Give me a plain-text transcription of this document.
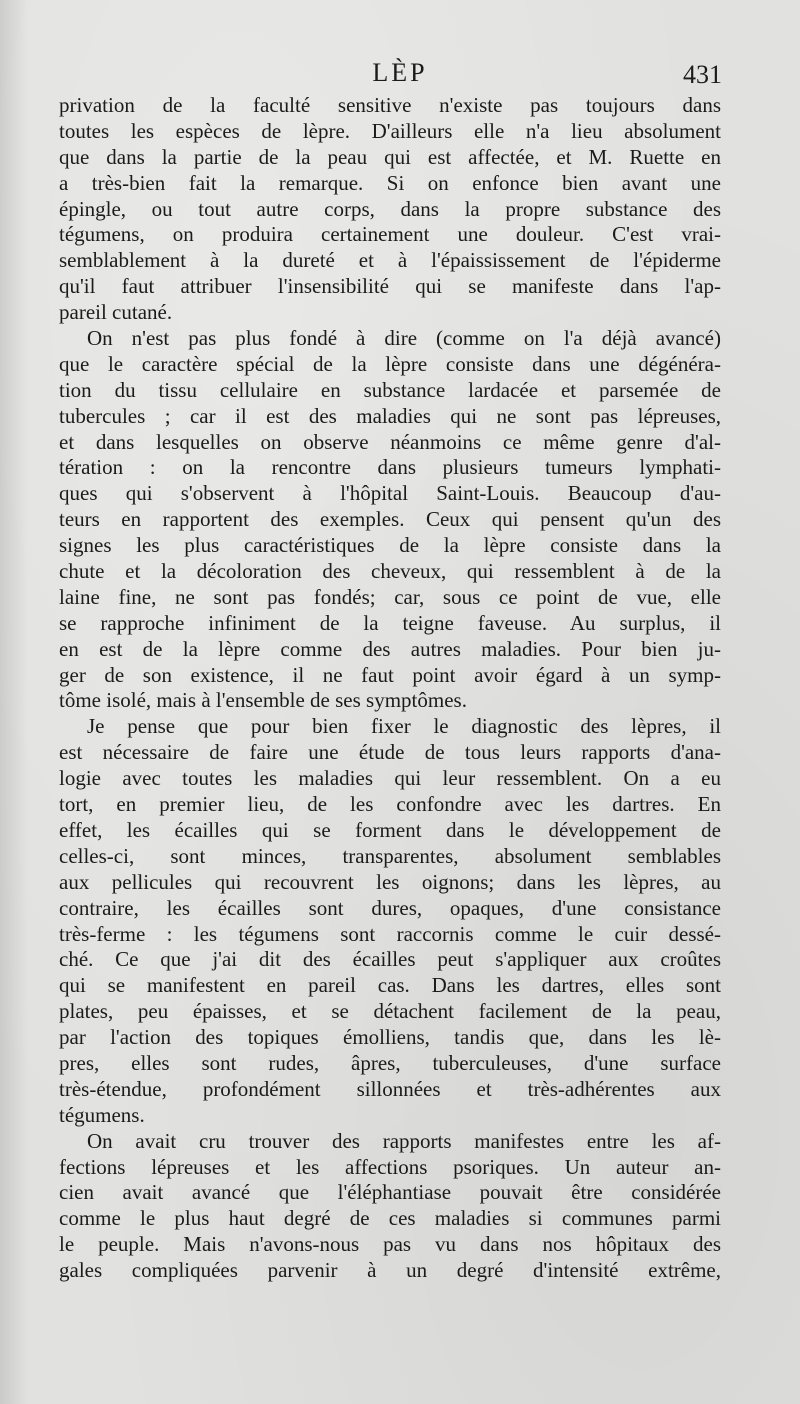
LÈP	431
privation de la faculté sensitive n'existe pas toujours dans
toutes les espèces de lèpre. D'ailleurs elle n'a lieu absolument
que dans la partie de la peau qui est affectée, et M. Ruette en
a très-bien fait la remarque. Si on enfonce bien avant une
épingle, ou tout autre corps, dans la propre substance des
tégumens, on produira certainement une douleur. C'est vrai-
semblablement à la dureté et à l'épaississement de l'épiderme
qu'il faut attribuer l'insensibilité qui se manifeste dans l'ap-
pareil cutané.
On n'est pas plus fondé à dire (comme on l'a déjà avancé)
que le caractère spécial de la lèpre consiste dans une dégénéra-
tion du tissu cellulaire en substance lardacée et parsemée de
tubercules ; car il est des maladies qui ne sont pas lépreuses,
et dans lesquelles on observe néanmoins ce même genre d'al-
tération : on la rencontre dans plusieurs tumeurs lymphati-
ques qui s'observent à l'hôpital Saint-Louis. Beaucoup d'au-
teurs en rapportent des exemples. Ceux qui pensent qu'un des
signes les plus caractéristiques de la lèpre consiste dans la
chute et la décoloration des cheveux, qui ressemblent à de la
laine fine, ne sont pas fondés; car, sous ce point de vue, elle
se rapproche infiniment de la teigne faveuse. Au surplus, il
en est de la lèpre comme des autres maladies. Pour bien ju-
ger de son existence, il ne faut point avoir égard à un symp-
tôme isolé, mais à l'ensemble de ses symptômes.
Je pense que pour bien fixer le diagnostic des lèpres, il
est nécessaire de faire une étude de tous leurs rapports d'ana-
logie avec toutes les maladies qui leur ressemblent. On a eu
tort, en premier lieu, de les confondre avec les dartres. En
effet, les écailles qui se forment dans le développement de
celles-ci, sont minces, transparentes, absolument semblables
aux pellicules qui recouvrent les oignons; dans les lèpres, au
contraire, les écailles sont dures, opaques, d'une consistance
très-ferme : les tégumens sont raccornis comme le cuir dessé-
ché. Ce que j'ai dit des écailles peut s'appliquer aux croûtes
qui se manifestent en pareil cas. Dans les dartres, elles sont
plates, peu épaisses, et se détachent facilement de la peau,
par l'action des topiques émolliens, tandis que, dans les lè-
pres, elles sont rudes, âpres, tuberculeuses, d'une surface
très-étendue, profondément sillonnées et très-adhérentes aux
tégumens.
On avait cru trouver des rapports manifestes entre les af-
fections lépreuses et les affections psoriques. Un auteur an-
cien avait avancé que l'éléphantiase pouvait être considérée
comme le plus haut degré de ces maladies si communes parmi
le peuple. Mais n'avons-nous pas vu dans nos hôpitaux des
gales compliquées parvenir à un degré d'intensité extrême,
